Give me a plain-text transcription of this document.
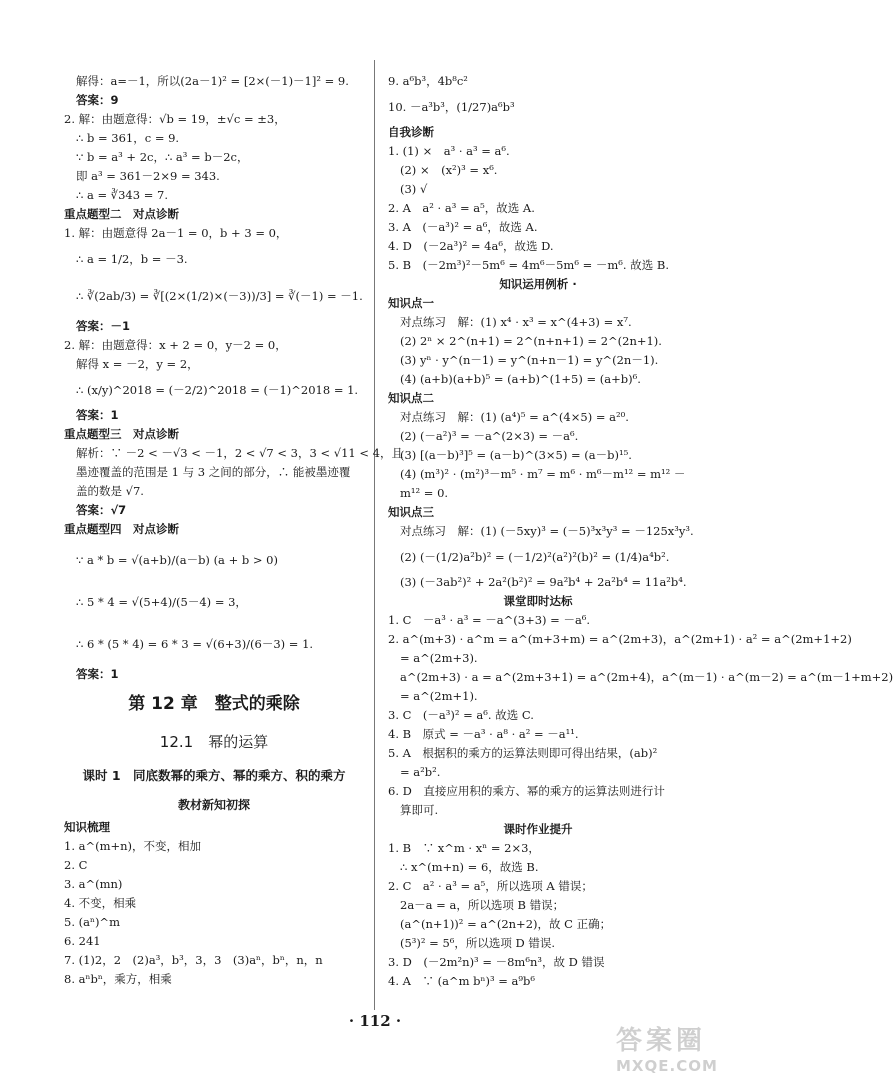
解得：a=－1，所以(2a－1)² = [2×(－1)－1]² = 9.
答案：9
2. 解：由题意得：√b = 19，±√c = ±3，
∴ b = 361，c = 9.
∵ b = a³ + 2c，∴ a³ = b－2c，
即 a³ = 361－2×9 = 343.
∴ a = ∛343 = 7.
重点题型二　对点诊断
1. 解：由题意得 2a－1 = 0，b + 3 = 0，
∴ a = 1/2，b = －3.
∴ ∛(2ab/3) = ∛[(2×(1/2)×(－3))/3] = ∛(－1) = －1.
答案：－1
2. 解：由题意得：x + 2 = 0，y－2 = 0，
解得 x = －2，y = 2，
∴ (x/y)^2018 = (－2/2)^2018 = (－1)^2018 = 1.
答案：1
重点题型三　对点诊断
解析：∵ －2 < －√3 < －1，2 < √7 < 3，3 < √11 < 4，且
墨迹覆盖的范围是 1 与 3 之间的部分，∴ 能被墨迹覆
盖的数是 √7.
答案：√7
重点题型四　对点诊断
∵ a * b = √(a+b)/(a－b) (a + b > 0)
∴ 5 * 4 = √(5+4)/(5－4) = 3，
∴ 6 * (5 * 4) = 6 * 3 = √(6+3)/(6－3) = 1.
答案：1
第 12 章　整式的乘除
12.1　幂的运算
课时 1　同底数幂的乘方、幂的乘方、积的乘方
教材新知初探
知识梳理
1. a^(m+n)，不变，相加
2. C
3. a^(mn)
4. 不变，相乘
5. (aⁿ)^m
6. 241
7. (1)2，2　(2)a³，b³，3，3　(3)aⁿ，bⁿ，n，n
8. aⁿbⁿ，乘方，相乘
9. a⁶b³，4b⁸c²
10. －a³b³，(1/27)a⁶b³
自我诊断
1. (1) ×　a³ · a³ = a⁶.
(2) ×　(x²)³ = x⁶.
(3) √
2. A　a² · a³ = a⁵，故选 A.
3. A　(－a³)² = a⁶，故选 A.
4. D　(－2a³)² = 4a⁶，故选 D.
5. B　(－2m³)²－5m⁶ = 4m⁶－5m⁶ = －m⁶. 故选 B.
知识运用例析 ·
知识点一
对点练习　解：(1) x⁴ · x³ = x^(4+3) = x⁷.
(2) 2ⁿ × 2^(n+1) = 2^(n+n+1) = 2^(2n+1).
(3) yⁿ · y^(n－1) = y^(n+n－1) = y^(2n－1).
(4) (a+b)(a+b)⁵ = (a+b)^(1+5) = (a+b)⁶.
知识点二
对点练习　解：(1) (a⁴)⁵ = a^(4×5) = a²⁰.
(2) (－a²)³ = －a^(2×3) = －a⁶.
(3) [(a－b)³]⁵ = (a－b)^(3×5) = (a－b)¹⁵.
(4) (m³)² · (m²)³－m⁵ · m⁷ = m⁶ · m⁶－m¹² = m¹² －
m¹² = 0.
知识点三
对点练习　解：(1) (－5xy)³ = (－5)³x³y³ = －125x³y³.
(2) (－(1/2)a²b)² = (－1/2)²(a²)²(b)² = (1/4)a⁴b².
(3) (－3ab²)² + 2a²(b²)² = 9a²b⁴ + 2a²b⁴ = 11a²b⁴.
课堂即时达标
1. C　－a³ · a³ = －a^(3+3) = －a⁶.
2. a^(m+3) · a^m = a^(m+3+m) = a^(2m+3)，a^(2m+1) · a² = a^(2m+1+2)
= a^(2m+3).
a^(2m+3) · a = a^(2m+3+1) = a^(2m+4)，a^(m－1) · a^(m－2) = a^(m－1+m+2)
= a^(2m+1).
3. C　(－a³)² = a⁶. 故选 C.
4. B　原式 = －a³ · a⁸ · a² = －a¹¹.
5. A　根据积的乘方的运算法则即可得出结果，(ab)²
= a²b².
6. D　直接应用积的乘方、幂的乘方的运算法则进行计
算即可.
课时作业提升
1. B　∵ x^m · xⁿ = 2×3，
∴ x^(m+n) = 6，故选 B.
2. C　a² · a³ = a⁵，所以选项 A 错误；
2a－a = a，所以选项 B 错误；
(a^(n+1))² = a^(2n+2)，故 C 正确；
(5³)² = 5⁶，所以选项 D 错误.
3. D　(－2m²n)³ = －8m⁶n³，故 D 错误
4. A　∵ (a^m bⁿ)³ = a⁹b⁶
· 112 ·
答案圈
MXQE.COM
